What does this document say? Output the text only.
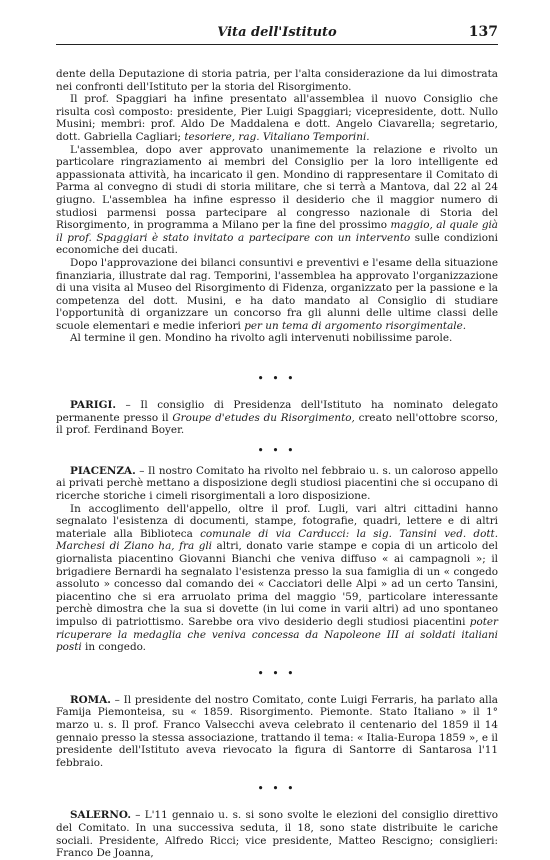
Vita dell'Istituto	137

dente della Deputazione di storia patria, per l'alta considerazione da lui dimostrata nei confronti dell'Istituto per la storia del Risorgimento.

Il prof. Spaggiari ha infine presentato all'assemblea il nuovo Consiglio che risulta così composto: presidente, Pier Luigi Spaggiari; vicepresidente, dott. Nullo Musini; membri: prof. Aldo De Maddalena e dott. Angelo Ciavarella; segretario, dott. Gabriella Cagliari; tesoriere, rag. Vitaliano Temporini.

L'assemblea, dopo aver approvato unanimemente la relazione e rivolto un particolare ringraziamento ai membri del Consiglio per la loro intelligente ed appassionata attività, ha incaricato il gen. Mondino di rappresentare il Comitato di Parma al convegno di studi di storia militare, che si terrà a Mantova, dal 22 al 24 giugno. L'assemblea ha infine espresso il desiderio che il maggior numero di studiosi parmensi possa partecipare al congresso nazionale di Storia del Risorgimento, in programma a Milano per la fine del prossimo maggio, al quale già il prof. Spaggiari è stato invitato a partecipare con un intervento sulle condizioni economiche dei ducati.

Dopo l'approvazione dei bilanci consuntivi e preventivi e l'esame della situazione finanziaria, illustrate dal rag. Temporini, l'assemblea ha approvato l'organizzazione di una visita al Museo del Risorgimento di Fidenza, organizzato per la passione e la competenza del dott. Musini, e ha dato mandato al Consiglio di studiare l'opportunità di organizzare un concorso fra gli alunni delle ultime classi delle scuole elementari e medie inferiori per un tema di argomento risorgimentale.

Al termine il gen. Mondino ha rivolto agli intervenuti nobilissime parole.

• • •

PARIGI. – Il consiglio di Presidenza dell'Istituto ha nominato delegato permanente presso il Groupe d'etudes du Risorgimento, creato nell'ottobre scorso, il prof. Ferdinand Boyer.

• • •

PIACENZA. – Il nostro Comitato ha rivolto nel febbraio u. s. un caloroso appello ai privati perchè mettano a disposizione degli studiosi piacentini che si occupano di ricerche storiche i cimeli risorgimentali a loro disposizione.

In accoglimento dell'appello, oltre il prof. Lugli, vari altri cittadini hanno segnalato l'esistenza di documenti, stampe, fotografie, quadri, lettere e di altri materiale alla Biblioteca comunale di via Carducci: la sig. Tansini ved. dott. Marchesi di Ziano ha, fra gli altri, donato varie stampe e copia di un articolo del giornalista piacentino Giovanni Bianchi che veniva diffuso « ai campagnoli »; il brigadiere Bernardi ha segnalato l'esistenza presso la sua famiglia di un « congedo assoluto » concesso dal comando dei « Cacciatori delle Alpi » ad un certo Tansini, piacentino che si era arruolato prima del maggio '59, particolare interessante perchè dimostra che la sua si dovette (in lui come in varii altri) ad uno spontaneo impulso di patriottismo. Sarebbe ora vivo desiderio degli studiosi piacentini poter ricuperare la medaglia che veniva concessa da Napoleone III ai soldati italiani posti in congedo.

• • •

ROMA. – Il presidente del nostro Comitato, conte Luigi Ferraris, ha parlato alla Famija Piemonteisa, su « 1859. Risorgimento. Piemonte. Stato Italiano » il 1° marzo u. s. Il prof. Franco Valsecchi aveva celebrato il centenario del 1859 il 14 gennaio presso la stessa associazione, trattando il tema: « Italia-Europa 1859 », e il presidente dell'Istituto aveva rievocato la figura di Santorre di Santarosa l'11 febbraio.

• • •

SALERNO. – L'11 gennaio u. s. si sono svolte le elezioni del consiglio direttivo del Comitato. In una successiva seduta, il 18, sono state distribuite le cariche sociali. Presidente, Alfredo Ricci; vice presidente, Matteo Rescigno; consiglieri: Franco De Joanna,
